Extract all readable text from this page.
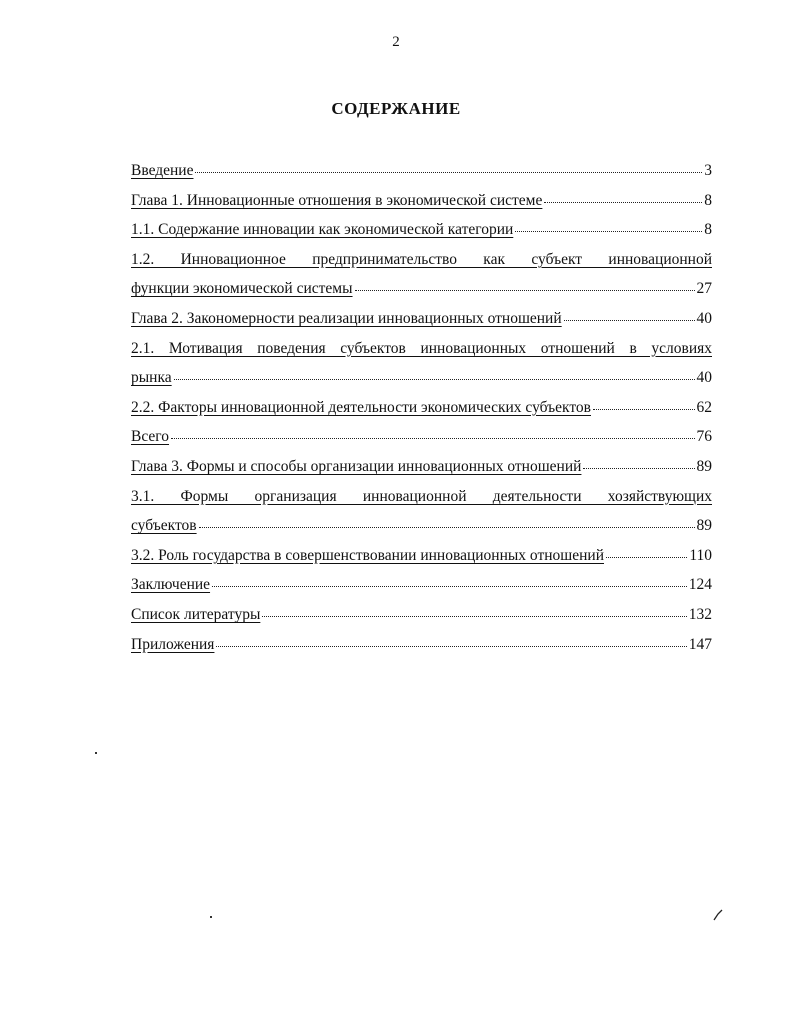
2
СОДЕРЖАНИЕ
Введение	3
Глава 1. Инновационные отношения в экономической системе	8
1.1. Содержание инновации как экономической категории	8
1.2. Инновационное предпринимательство как субъект инновационной
функции экономической системы	27
Глава 2. Закономерности реализации инновационных отношений	40
2.1. Мотивация поведения субъектов инновационных отношений в условиях
рынка	40
2.2. Факторы инновационной деятельности экономических субъектов	62
Всего	76
Глава 3. Формы и способы организации инновационных отношений	89
3.1. Формы организация инновационной деятельности хозяйствующих
субъектов	89
3.2. Роль государства в совершенствовании инновационных отношений	110
Заключение	124
Список литературы	132
Приложения	147
